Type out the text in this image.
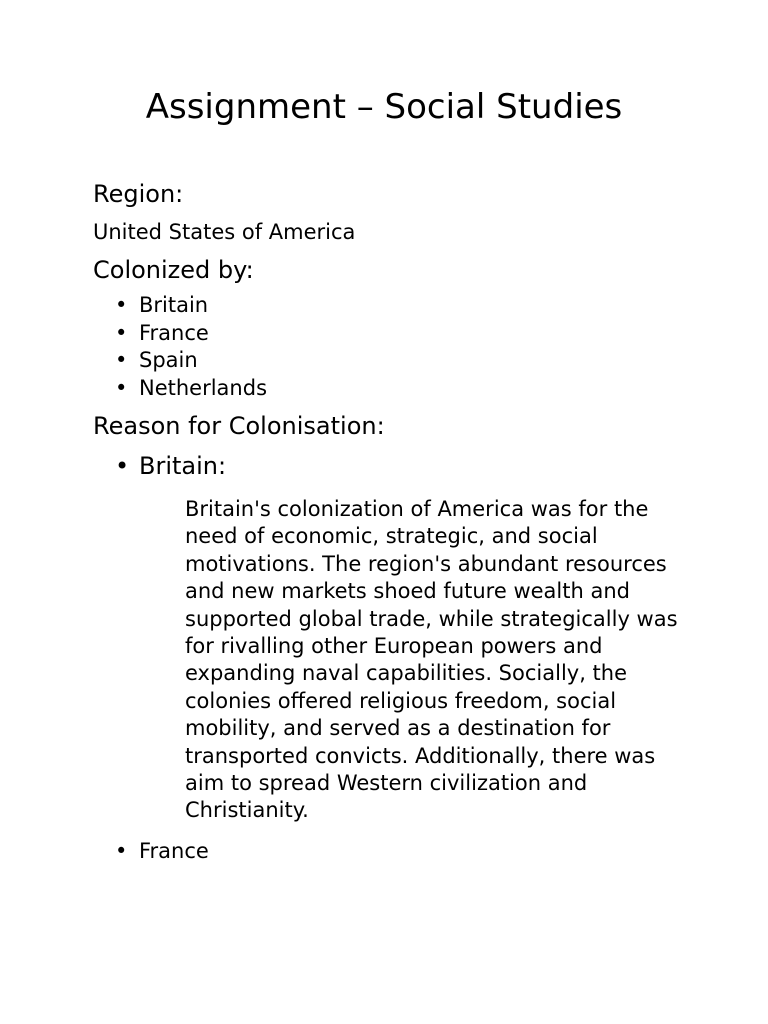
Assignment – Social Studies

Region:

United States of America

Colonized by:

• Britain
• France
• Spain
• Netherlands

Reason for Colonisation:

• Britain:

Britain's colonization of America was for the need of economic, strategic, and social motivations. The region's abundant resources and new markets shoed future wealth and supported global trade, while strategically was for rivalling other European powers and expanding naval capabilities. Socially, the colonies offered religious freedom, social mobility, and served as a destination for transported convicts. Additionally, there was aim to spread Western civilization and Christianity.

• France
